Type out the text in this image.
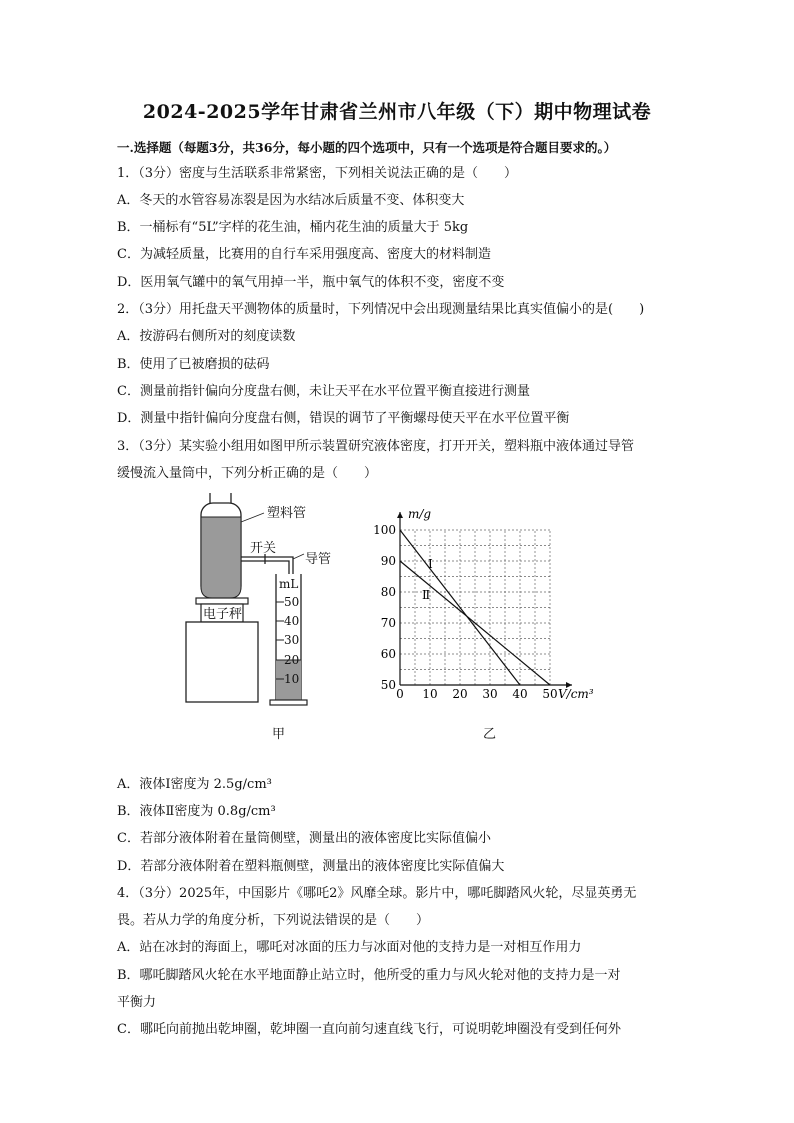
2024-2025学年甘肃省兰州市八年级（下）期中物理试卷
一.选择题（每题3分，共36分，每小题的四个选项中，只有一个选项是符合题目要求的。）
1．（3分）密度与生活联系非常紧密，下列相关说法正确的是（　　）
A．冬天的水管容易冻裂是因为水结冰后质量不变、体积变大
B．一桶标有“5L”字样的花生油，桶内花生油的质量大于 5kg
C．为减轻质量，比赛用的自行车采用强度高、密度大的材料制造
D．医用氧气罐中的氧气用掉一半，瓶中氧气的体积不变，密度不变
2．（3分）用托盘天平测物体的质量时，下列情况中会出现测量结果比真实值偏小的是(　　)
A．按游码右侧所对的刻度读数
B．使用了已被磨损的砝码
C．测量前指针偏向分度盘右侧，未让天平在水平位置平衡直接进行测量
D．测量中指针偏向分度盘右侧，错误的调节了平衡螺母使天平在水平位置平衡
3．（3分）某实验小组用如图甲所示装置研究液体密度，打开开关，塑料瓶中液体通过导管
缓慢流入量筒中，下列分析正确的是（　　）
塑料管
开关
导管
电子秤
mL
50
40
30
20
10
甲
0 10 20 30 40 50
50
60
70
80
90
100
m/g
V/cm³
Ⅰ
Ⅱ
乙
A．液体Ⅰ密度为 2.5g/cm³
B．液体Ⅱ密度为 0.8g/cm³
C．若部分液体附着在量筒侧壁，测量出的液体密度比实际值偏小
D．若部分液体附着在塑料瓶侧壁，测量出的液体密度比实际值偏大
4．（3分）2025年，中国影片《哪吒2》风靡全球。影片中，哪吒脚踏风火轮，尽显英勇无
畏。若从力学的角度分析，下列说法错误的是（　　）
A．站在冰封的海面上，哪吒对冰面的压力与冰面对他的支持力是一对相互作用力
B．哪吒脚踏风火轮在水平地面静止站立时，他所受的重力与风火轮对他的支持力是一对
平衡力
C．哪吒向前抛出乾坤圈，乾坤圈一直向前匀速直线飞行，可说明乾坤圈没有受到任何外
